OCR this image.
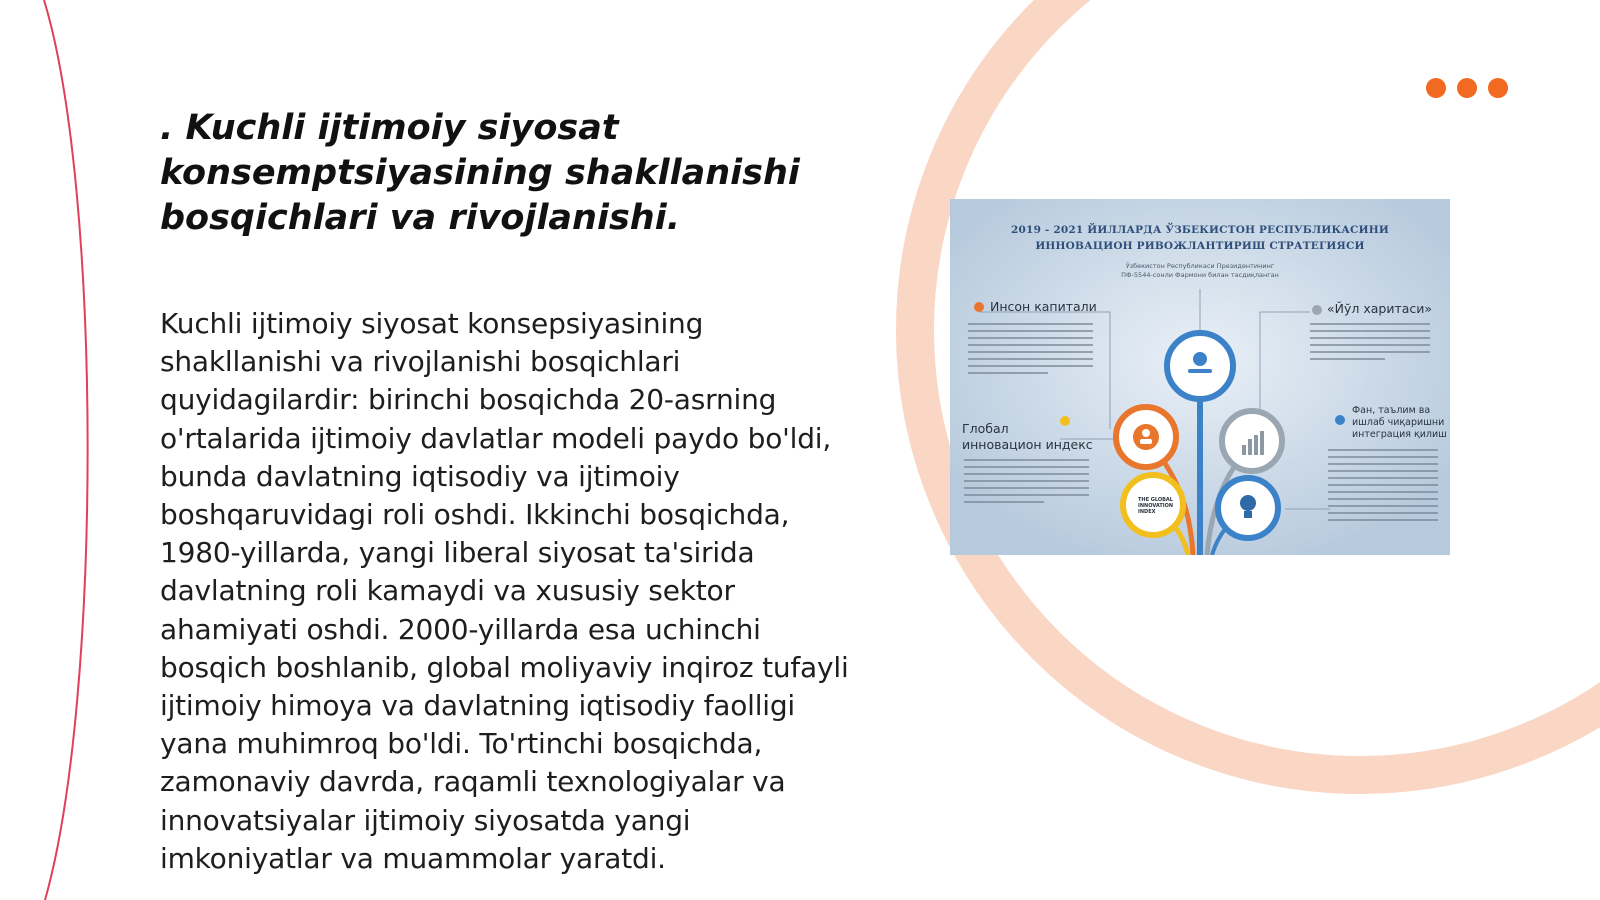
. Kuchli ijtimoiy siyosat konsemptsiyasining shakllanishi bosqichlari va rivojlanishi.

Kuchli ijtimoiy siyosat konsepsiyasining shakllanishi va rivojlanishi bosqichlari quyidagilardir: birinchi bosqichda 20-asrning o'rtalarida ijtimoiy davlatlar modeli paydo bo'ldi, bunda davlatning iqtisodiy va ijtimoiy boshqaruvidagi roli oshdi. Ikkinchi bosqichda, 1980-yillarda, yangi liberal siyosat ta'sirida davlatning roli kamaydi va xususiy sektor ahamiyati oshdi. 2000-yillarda esa uchinchi bosqich boshlanib, global moliyaviy inqiroz tufayli ijtimoiy himoya va davlatning iqtisodiy faolligi yana muhimroq bo'ldi. To'rtinchi bosqichda, zamonaviy davrda, raqamli texnologiyalar va innovatsiyalar ijtimoiy siyosatda yangi imkoniyatlar va muammolar yaratdi.

2019 - 2021 ЙИЛЛАРДА ЎЗБЕКИСТОН РЕСПУБЛИКАСИНИ
ИННОВАЦИОН РИВОЖЛАНТИРИШ СТРАТЕГИЯСИ
Ўзбекистон Республикаси Президентининг
ПФ-5544-сонли Фармони билан тасдиқланган
Инсон капитали	«Йўл харитаси»
Глобал
инновацион индекс
Фан, таълим ва
ишлаб чиқаришни
интеграция қилиш
THE GLOBAL
INNOVATION
INDEX
